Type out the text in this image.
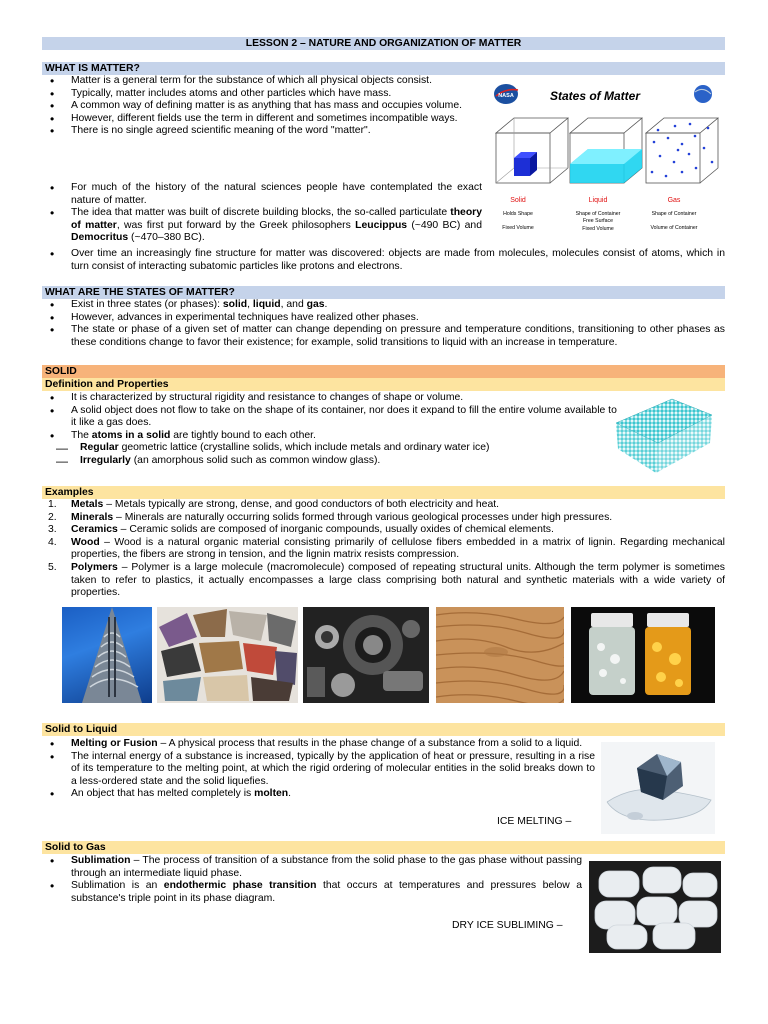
LESSON 2 – NATURE AND ORGANIZATION OF MATTER
WHAT IS MATTER?
• Matter is a general term for the substance of which all physical objects consist.
• Typically, matter includes atoms and other particles which have mass.
• A common way of defining matter is as anything that has mass and occupies volume.
• However, different fields use the term in different and sometimes incompatible ways.
• There is no single agreed scientific meaning of the word "matter".
• For much of the history of the natural sciences people have contemplated the exact nature of matter.
• The idea that matter was built of discrete building blocks, the so-called particulate theory of matter, was first put forward by the Greek philosophers Leucippus (~490 BC) and Democritus (~470–380 BC).
• Over time an increasingly fine structure for matter was discovered: objects are made from molecules, molecules consist of atoms, which in turn consist of interacting subatomic particles like protons and electrons.
NASA	States of Matter
Solid	Liquid	Gas
Holds Shape
Fixed Volume
Shape of Container
Free Surface
Fixed Volume
Shape of Container
Volume of Container
WHAT ARE THE STATES OF MATTER?
• Exist in three states (or phases): solid, liquid, and gas.
• However, advances in experimental techniques have realized other phases.
• The state or phase of a given set of matter can change depending on pressure and temperature conditions, transitioning to other phases as these conditions change to favor their existence; for example, solid transitions to liquid with an increase in temperature.
SOLID
Definition and Properties
• It is characterized by structural rigidity and resistance to changes of shape or volume.
• A solid object does not flow to take on the shape of its container, nor does it expand to fill the entire volume available to it like a gas does.
• The atoms in a solid are tightly bound to each other.
— Regular geometric lattice (crystalline solids, which include metals and ordinary water ice)
— Irregularly (an amorphous solid such as common window glass).
Examples
1. Metals – Metals typically are strong, dense, and good conductors of both electricity and heat.
2. Minerals – Minerals are naturally occurring solids formed through various geological processes under high pressures.
3. Ceramics – Ceramic solids are composed of inorganic compounds, usually oxides of chemical elements.
4. Wood – Wood is a natural organic material consisting primarily of cellulose fibers embedded in a matrix of lignin. Regarding mechanical properties, the fibers are strong in tension, and the lignin matrix resists compression.
5. Polymers – Polymer is a large molecule (macromolecule) composed of repeating structural units. Although the term polymer is sometimes taken to refer to plastics, it actually encompasses a large class comprising both natural and synthetic materials with a wide variety of properties.
Solid to Liquid
• Melting or Fusion – A physical process that results in the phase change of a substance from a solid to a liquid.
• The internal energy of a substance is increased, typically by the application of heat or pressure, resulting in a rise of its temperature to the melting point, at which the rigid ordering of molecular entities in the solid breaks down to a less-ordered state and the solid liquefies.
• An object that has melted completely is molten.
ICE MELTING –
Solid to Gas
• Sublimation – The process of transition of a substance from the solid phase to the gas phase without passing through an intermediate liquid phase.
• Sublimation is an endothermic phase transition that occurs at temperatures and pressures below a substance's triple point in its phase diagram.
DRY ICE SUBLIMING –
